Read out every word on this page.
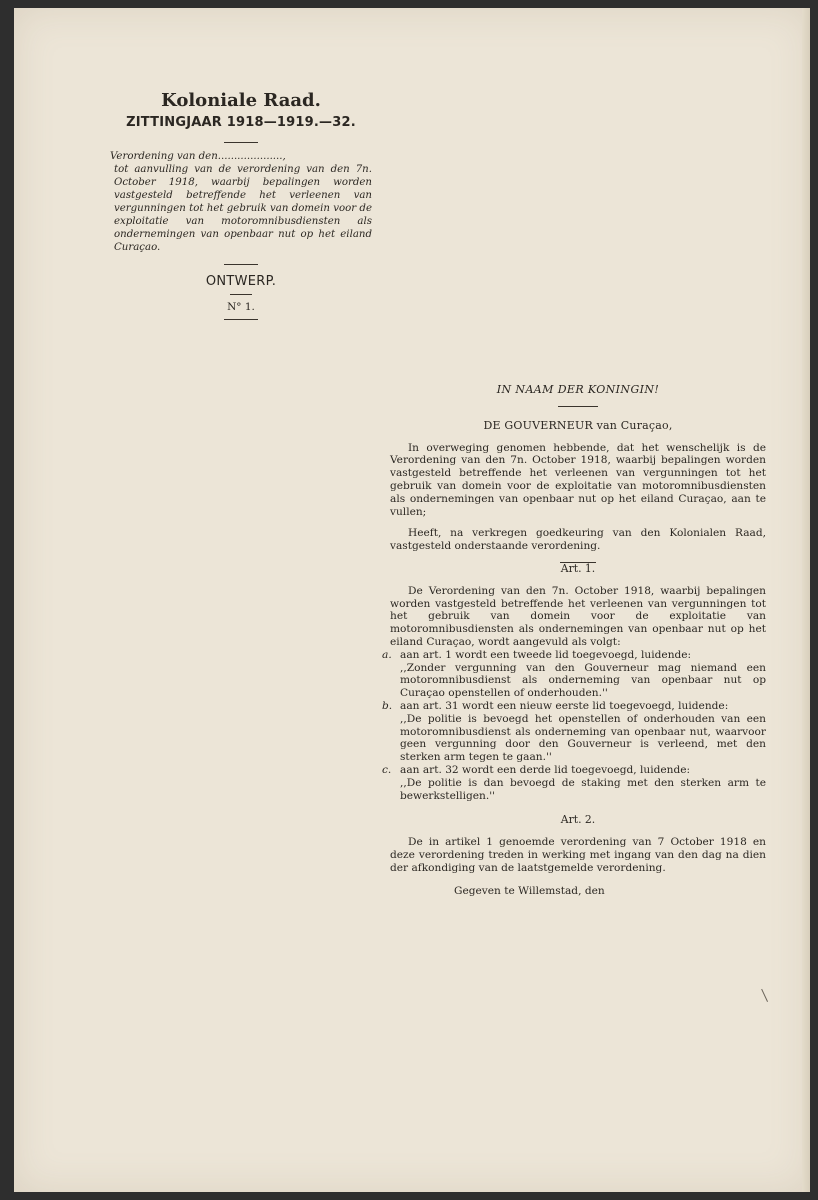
Koloniale Raad.
ZITTINGJAAR 1918—1919.—32.
Verordening van den....................,
tot aanvulling van de verordening van den 7n. October 1918, waarbij bepalingen worden vastgesteld betreffende het verleenen van vergunningen tot het gebruik van domein voor de exploitatie van motoromnibusdiensten als ondernemingen van openbaar nut op het eiland Curaçao.
ONTWERP.
N° 1.
IN NAAM DER KONINGIN!
DE GOUVERNEUR van Curaçao,

In overweging genomen hebbende, dat het wenschelijk is de Verordening van den 7n. October 1918, waarbij bepalingen worden vastgesteld betreffende het verleenen van vergunningen tot het gebruik van domein voor de exploitatie van motoromnibusdiensten als ondernemingen van openbaar nut op het eiland Curaçao, aan te vullen;

Heeft, na verkregen goedkeuring van den Kolonialen Raad, vastgesteld onderstaande verordening.

Art. 1.

De Verordening van den 7n. October 1918, waarbij bepalingen worden vastgesteld betreffende het verleenen van vergunningen tot het gebruik van domein voor de exploitatie van motoromnibusdiensten als ondernemingen van openbaar nut op het eiland Curaçao, wordt aangevuld als volgt:

a. aan art. 1 wordt een tweede lid toegevoegd, luidende:

,,Zonder vergunning van den Gouverneur mag niemand een motoromnibusdienst als onderneming van openbaar nut op Curaçao openstellen of onderhouden.''

b. aan art. 31 wordt een nieuw eerste lid toegevoegd, luidende:

,,De politie is bevoegd het openstellen of onderhouden van een motoromnibusdienst als onderneming van openbaar nut, waarvoor geen vergunning door den Gouverneur is verleend, met den sterken arm tegen te gaan.''

c. aan art. 32 wordt een derde lid toegevoegd, luidende:

,,De politie is dan bevoegd de staking met den sterken arm te bewerkstelligen.''

Art. 2.

De in artikel 1 genoemde verordening van 7 October 1918 en deze verordening treden in werking met ingang van den dag na dien der afkondiging van de laatstgemelde verordening.

Gegeven te Willemstad, den
